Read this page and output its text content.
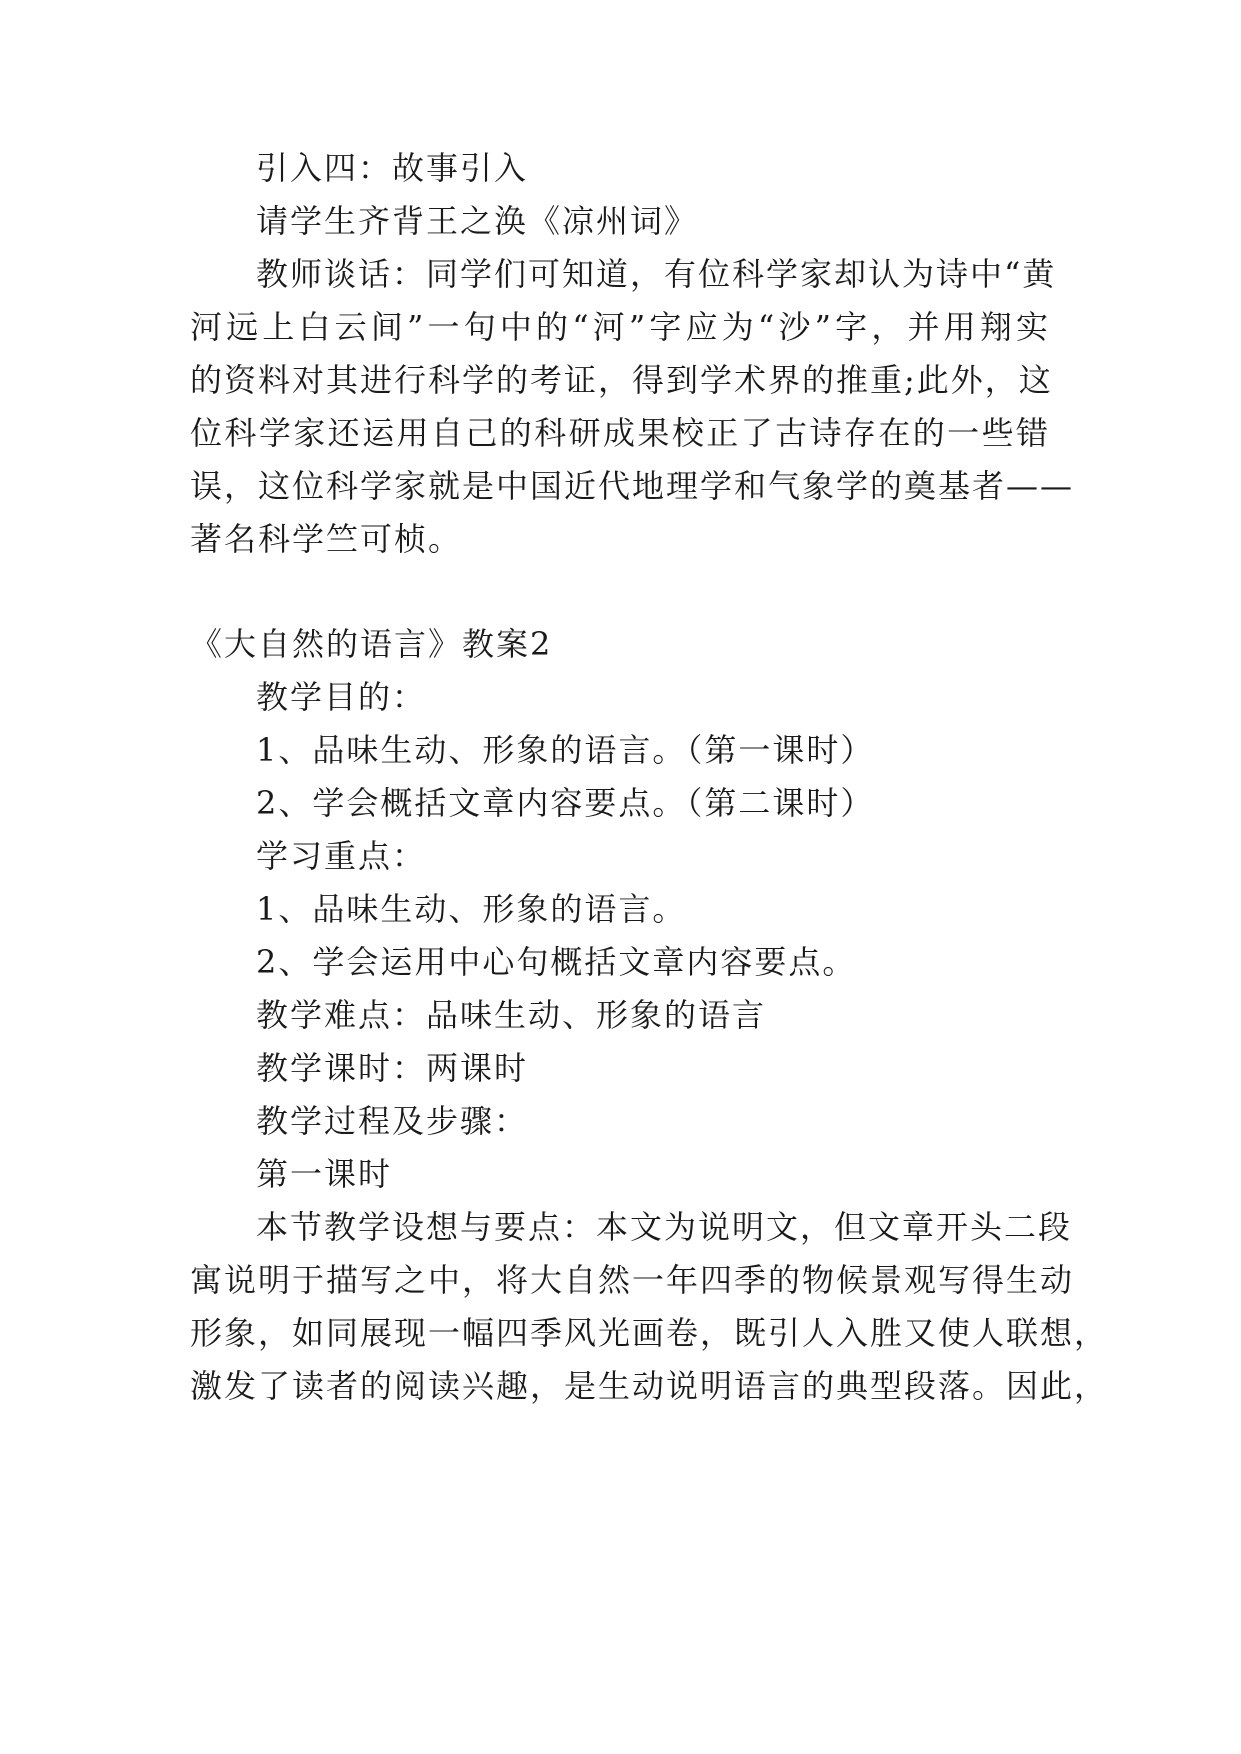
引入四：故事引入
请学生齐背王之涣《凉州词》
教师谈话：同学们可知道，有位科学家却认为诗中“黄
河远上白云间”一句中的“河”字应为“沙”字，并用翔实
的资料对其进行科学的考证，得到学术界的推重;此外，这
位科学家还运用自己的科研成果校正了古诗存在的一些错
误，这位科学家就是中国近代地理学和气象学的奠基者——
著名科学竺可桢。
《大自然的语言》教案2
教学目的：
1、品味生动、形象的语言。（第一课时）
2、学会概括文章内容要点。（第二课时）
学习重点：
1、品味生动、形象的语言。
2、学会运用中心句概括文章内容要点。
教学难点：品味生动、形象的语言
教学课时：两课时
教学过程及步骤：
第一课时
本节教学设想与要点：本文为说明文，但文章开头二段
寓说明于描写之中，将大自然一年四季的物候景观写得生动
形象，如同展现一幅四季风光画卷，既引人入胜又使人联想，
激发了读者的阅读兴趣，是生动说明语言的典型段落。因此，
